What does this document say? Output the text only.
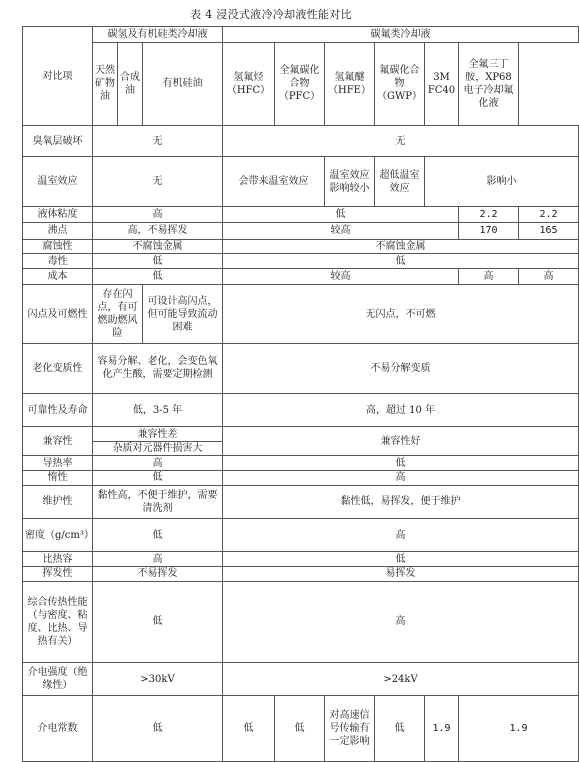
表 4 浸没式液冷冷却液性能对比
对比项	碳氢及有机硅类冷却液			碳氟类冷却液						
	天然矿物油	合成油	有机硅油	氢氟烃（HFC）	全氟碳化合物（PFC）	氢氟醚（HFE）	氟碳化合物（GWP）	3M FC40	全氟三丁胺，XP68电子冷却氟化液	
臭氧层破坏	无			无						
温室效应	无			会带来温室效应		温室效应影响较小	超低温室效应	影响小		
液体粘度	高			低					2.2	2.2
沸点	高，不易挥发			较高					170	165
腐蚀性	不腐蚀金属			不腐蚀金属						
毒性	低			低						
成本	低			较高					高	高
闪点及可燃性	存在闪点，有可燃助燃风险		可设计高闪点，但可能导致流动困难	无闪点，不可燃						
老化变质性	容易分解、老化，会变色氧化产生酸，需要定期检测			不易分解变质						
可靠性及寿命	低，3-5 年			高，超过 10 年						
兼容性	兼容性差			兼容性好						
	杂质对元器件损害大									
导热率	高			低						
惰性	低			高						
维护性	黏性高，不便于维护，需要清洗剂			黏性低，易挥发，便于维护						
密度（g/cm³）	低			高						
比热容	高			低						
挥发性	不易挥发			易挥发						
综合传热性能（与密度、粘度、比热、导热有关）	低			高						
介电强度（绝缘性）	>30kV			>24kV						
介电常数	低			低	低	对高速信号传输有一定影响	低	1.9	1.9	
